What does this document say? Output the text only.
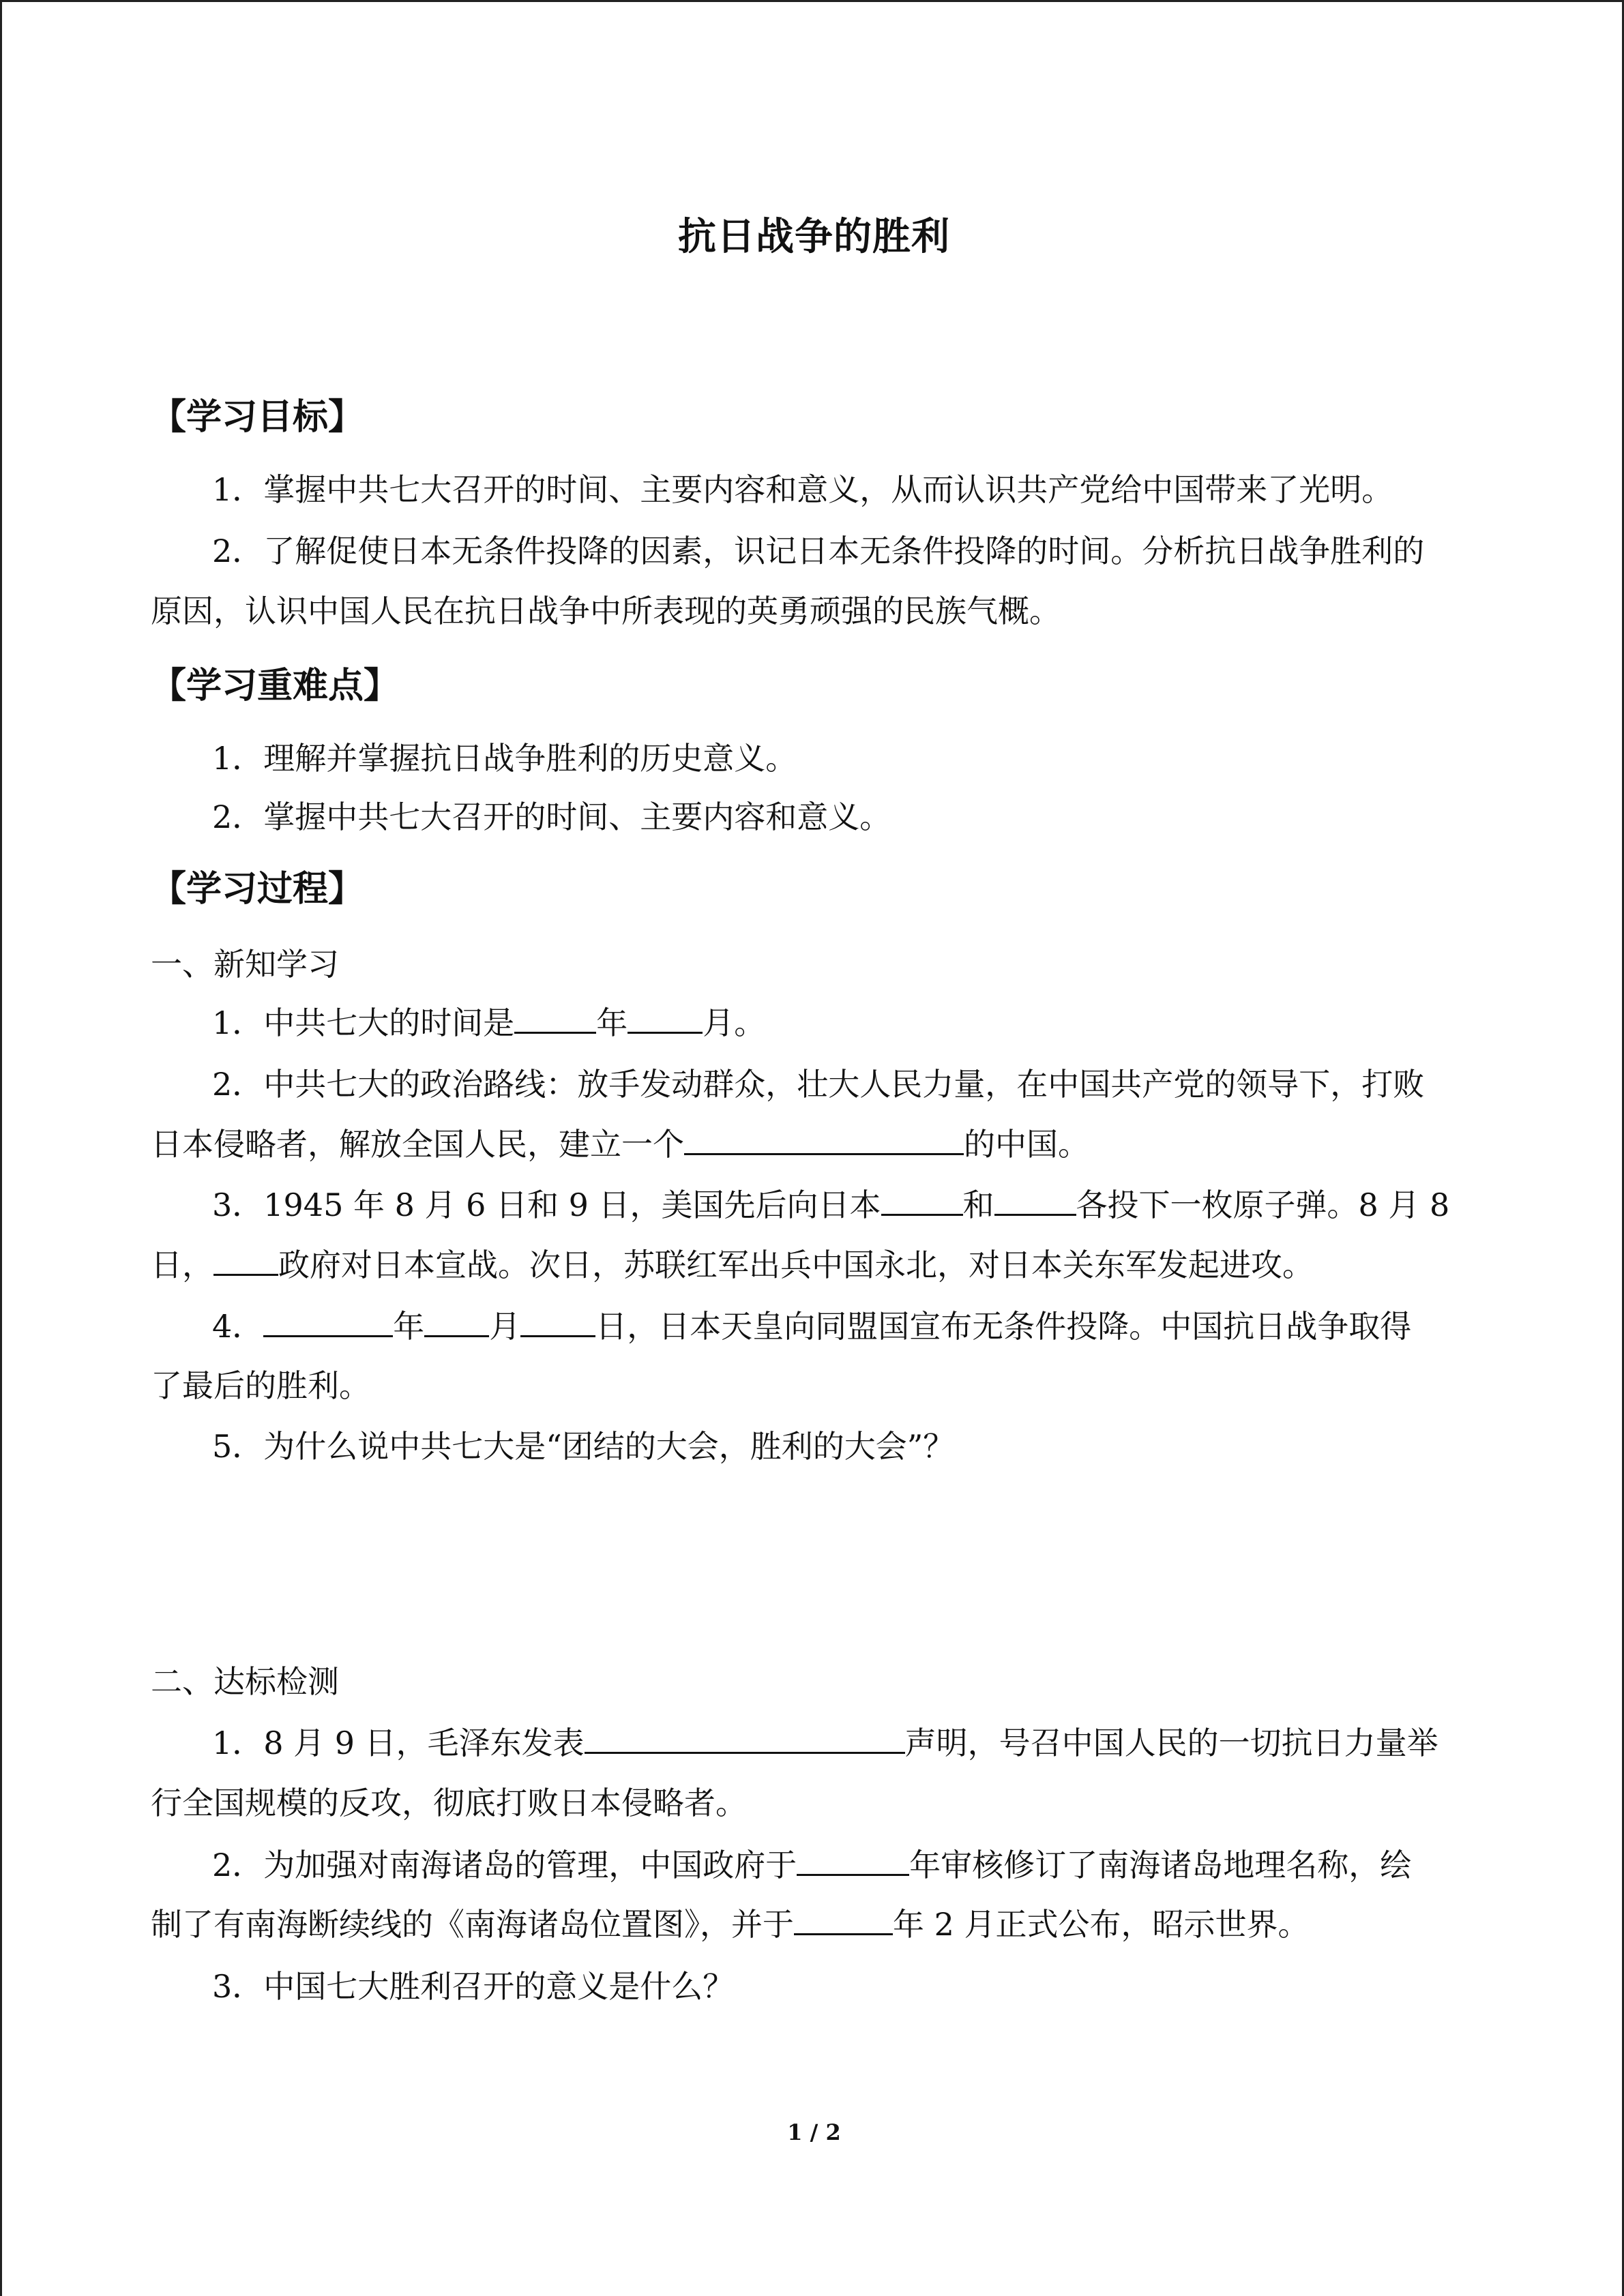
抗日战争的胜利
【学习目标】
1．掌握中共七大召开的时间、主要内容和意义，从而认识共产党给中国带来了光明。
2．了解促使日本无条件投降的因素，识记日本无条件投降的时间。分析抗日战争胜利的
原因，认识中国人民在抗日战争中所表现的英勇顽强的民族气概。
【学习重难点】
1．理解并掌握抗日战争胜利的历史意义。
2．掌握中共七大召开的时间、主要内容和意义。
【学习过程】
一、新知学习
1．中共七大的时间是	年 月。
2．中共七大的政治路线：放手发动群众，壮大人民力量，在中国共产党的领导下，打败
日本侵略者，解放全国人民，建立一个	的中国。
3．1945 年 8 月 6 日和 9 日，美国先后向日本	和	各投下一枚原子弹。8 月 8
日， 政府对日本宣战。次日，苏联红军出兵中国永北，对日本关东军发起进攻。
4．	年 月 日，日本天皇向同盟国宣布无条件投降。中国抗日战争取得
了最后的胜利。
5．为什么说中共七大是“团结的大会，胜利的大会”？
二、达标检测
1．8 月 9 日，毛泽东发表	声明，号召中国人民的一切抗日力量举
行全国规模的反攻，彻底打败日本侵略者。
2．为加强对南海诸岛的管理，中国政府于	年审核修订了南海诸岛地理名称，绘
制了有南海断续线的《南海诸岛位置图》，并于	年 2 月正式公布，昭示世界。
3．中国七大胜利召开的意义是什么？
1 / 2
